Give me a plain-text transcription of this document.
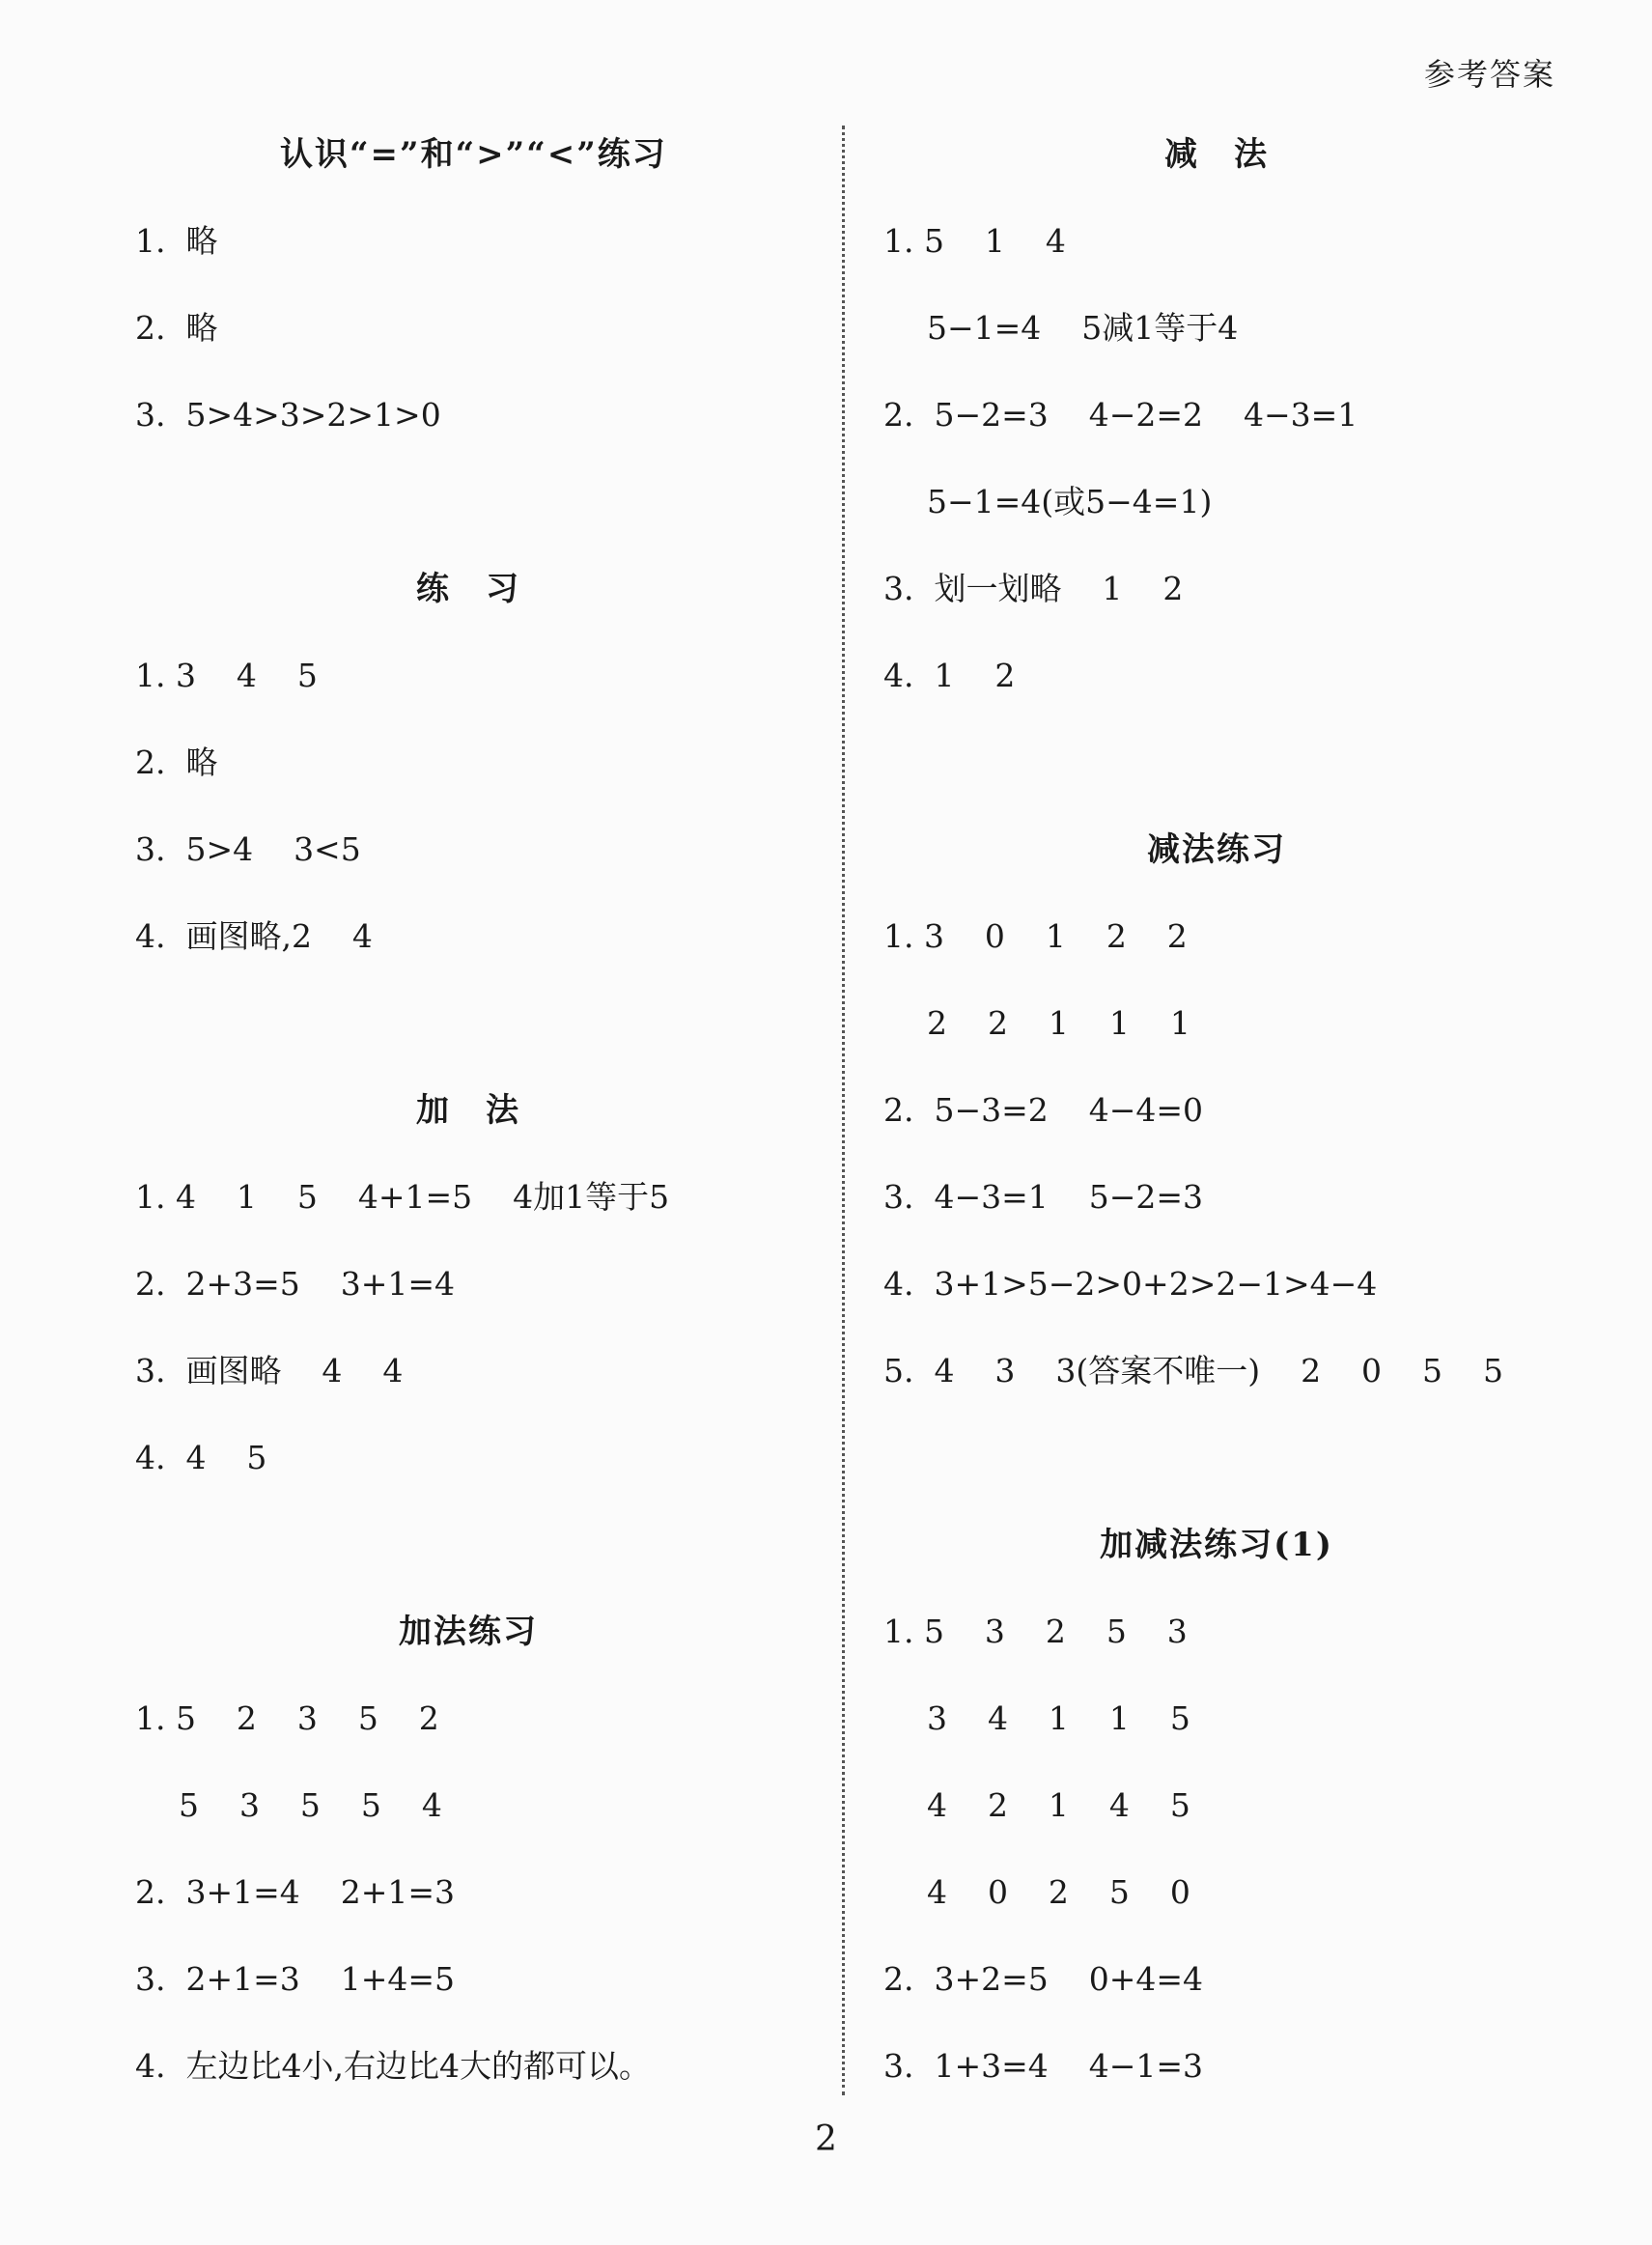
参考答案
认识“=”和“>”“<”练习
1.  略
2.  略
3.  5>4>3>2>1>0
练　习
1. 3    4    5
2.  略
3.  5>4    3<5
4.  画图略,2    4
加　法
1. 4    1    5    4+1=5    4加1等于5
2.  2+3=5    3+1=4
3.  画图略    4    4
4.  4    5
加法练习
1. 5    2    3    5    2
5    3    5    5    4
2.  3+1=4    2+1=3
3.  2+1=3    1+4=5
4.  左边比4小,右边比4大的都可以。
减　法
1. 5    1    4
5−1=4    5减1等于4
2.  5−2=3    4−2=2    4−3=1
5−1=4(或5−4=1)
3.  划一划略    1    2
4.  1    2
减法练习
1. 3    0    1    2    2
2    2    1    1    1
2.  5−3=2    4−4=0
3.  4−3=1    5−2=3
4.  3+1>5−2>0+2>2−1>4−4
5.  4    3    3(答案不唯一)    2    0    5    5
加减法练习(1)
1. 5    3    2    5    3
3    4    1    1    5
4    2    1    4    5
4    0    2    5    0
2.  3+2=5    0+4=4
3.  1+3=4    4−1=3
2
